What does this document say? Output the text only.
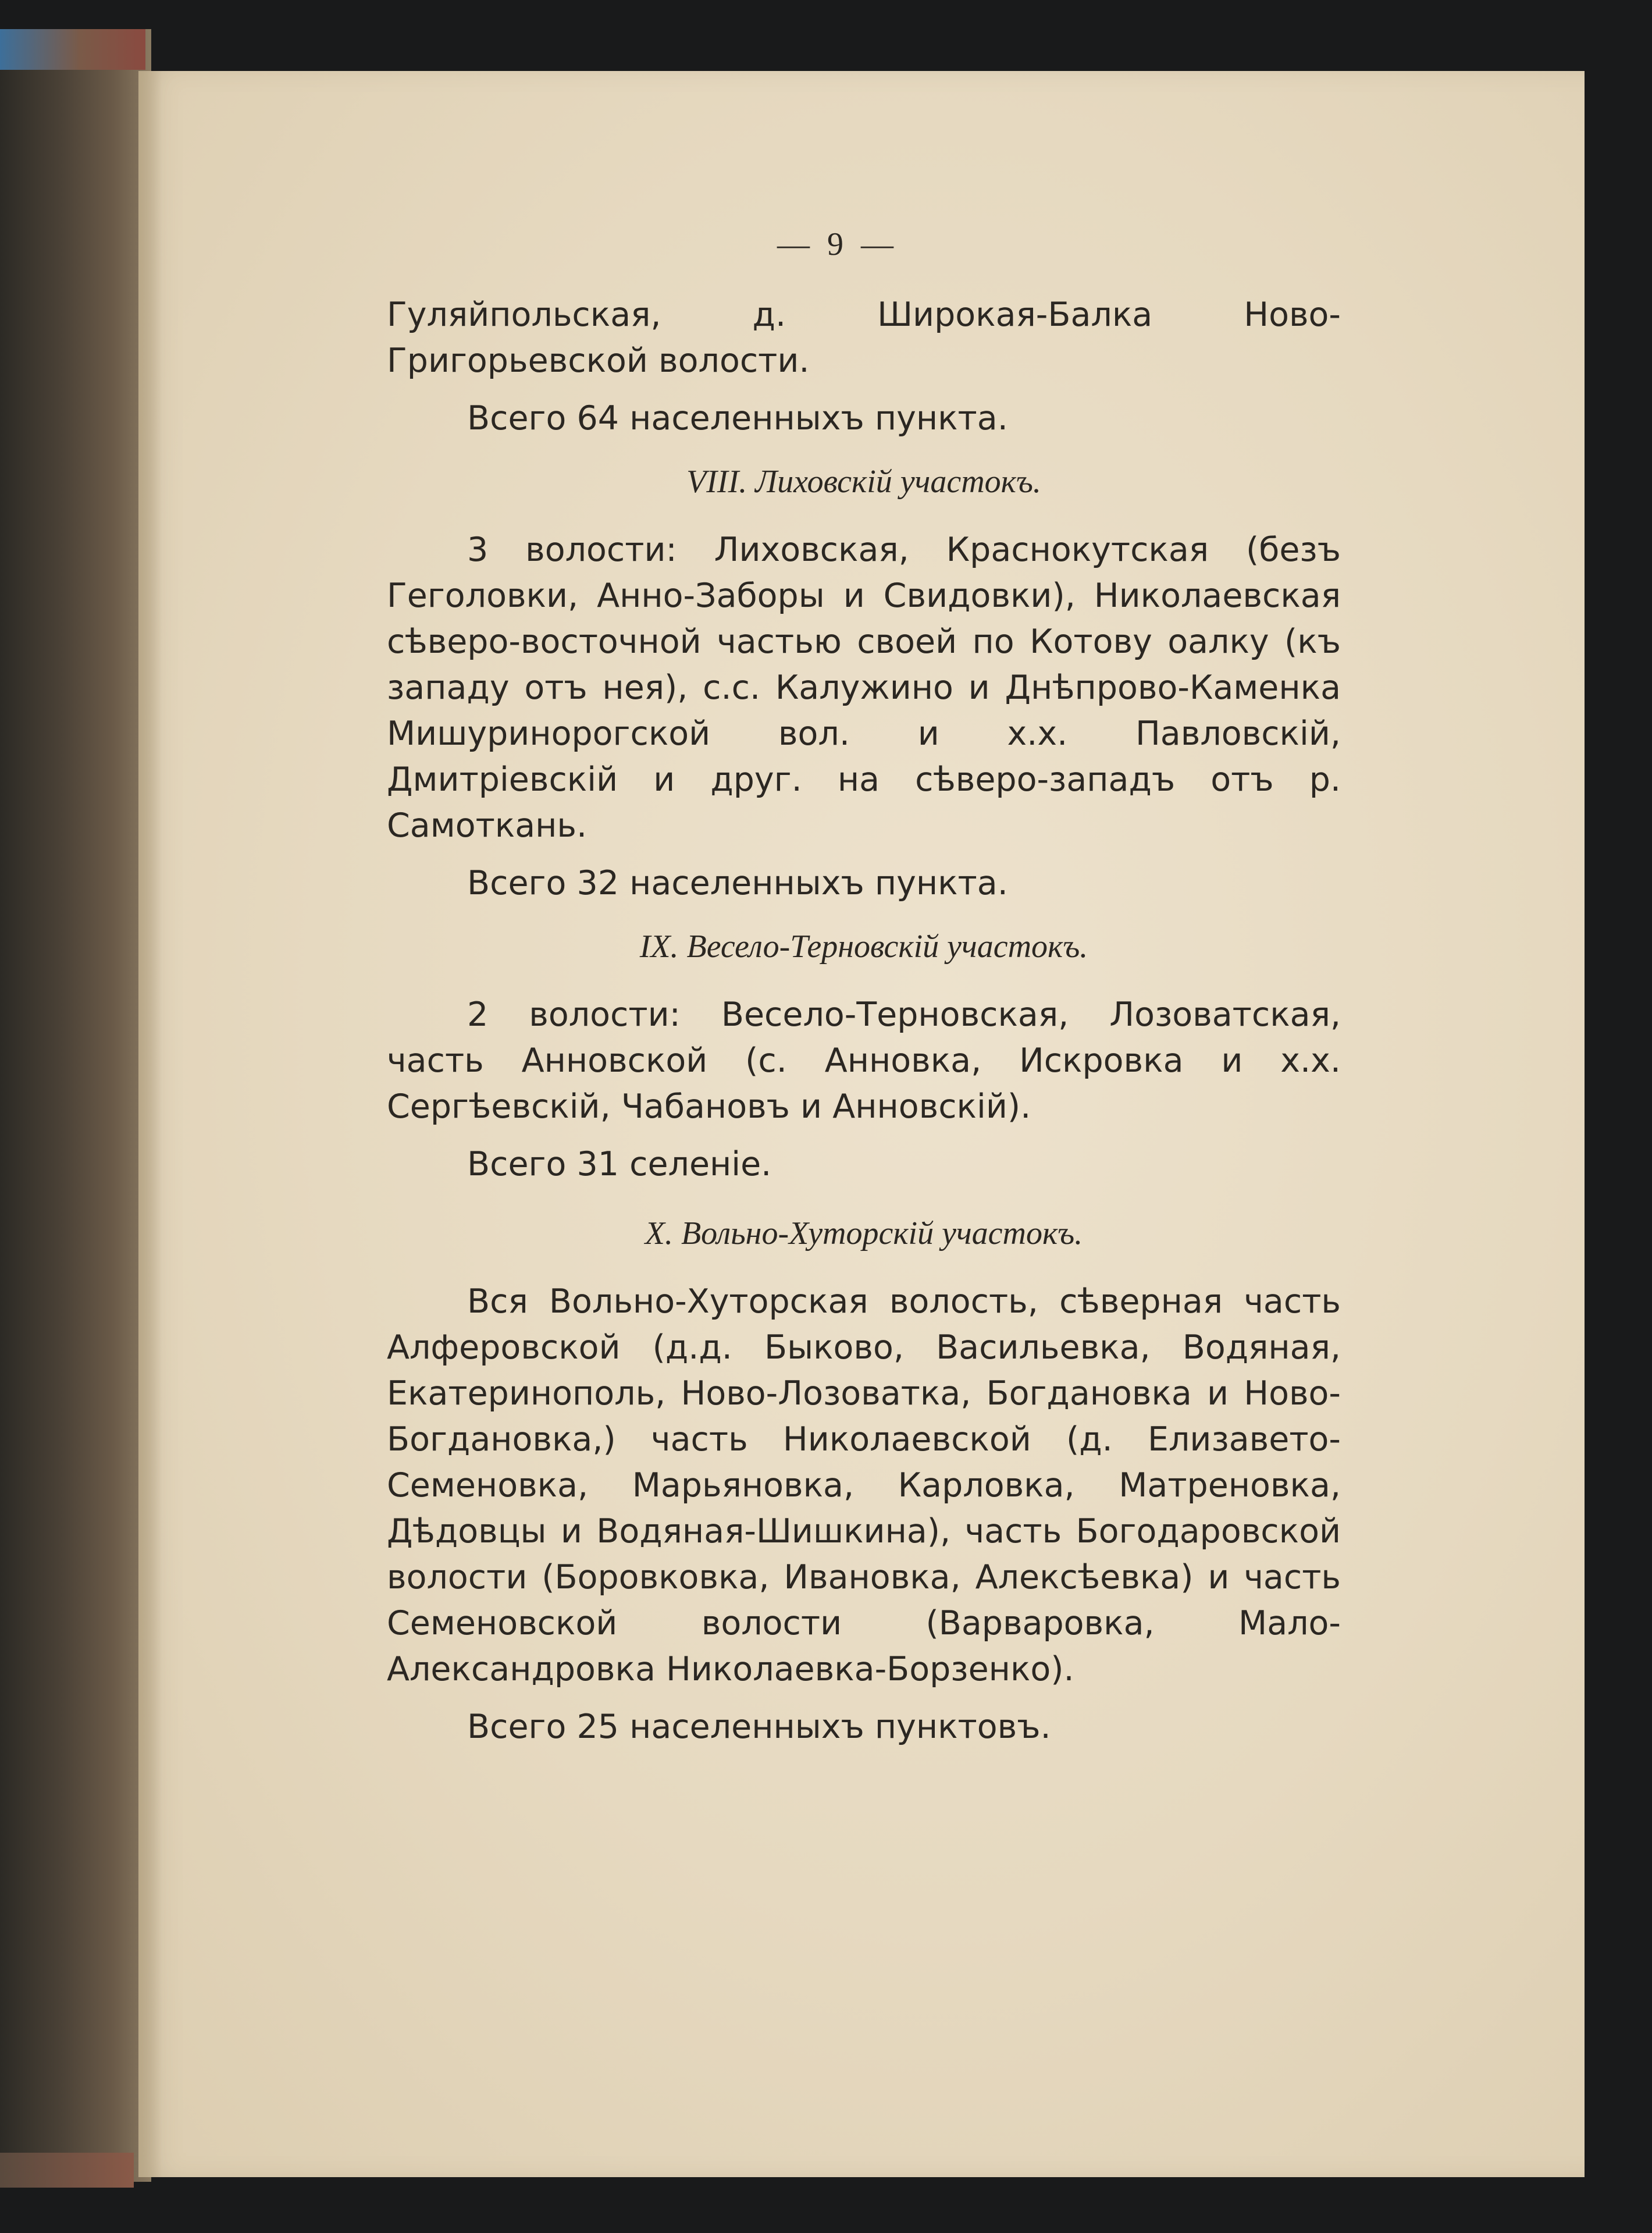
— 9 —

Гуляйпольская, д. Широкая-Балка Ново-Григорьевской волости.

Всего 64 населенныхъ пункта.

VIII. Лиховскій участокъ.

3 волости: Лиховская, Краснокутская (безъ Геголовки, Анно-Заборы и Свидовки), Николаевская сѣверо-восточной частью своей по Котову оалку (къ западу отъ нея), с.с. Калужино и Днѣпрово-Каменка Мишуринорогской вол. и х.х. Павловскій, Дмитріевскій и друг. на сѣверо-западъ отъ р. Самоткань.

Всего 32 населенныхъ пункта.

IX. Весело-Терновскій участокъ.

2 волости: Весело-Терновская, Лозоватская, часть Анновской (с. Анновка, Искровка и х.х. Сергѣевскій, Чабановъ и Анновскій).

Всего 31 селеніе.

X. Вольно-Хуторскій участокъ.

Вся Вольно-Хуторская волость, сѣверная часть Алферовской (д.д. Быково, Васильевка, Водяная, Екатеринополь, Ново-Лозоватка, Богдановка и Ново-Богдановка,) часть Николаевской (д. Елизавето-Семеновка, Марьяновка, Карловка, Матреновка, Дѣдовцы и Водяная-Шишкина), часть Богодаровской волости (Боровковка, Ивановка, Алексѣевка) и часть Семеновской волости (Варваровка, Мало-Александровка Николаевка-Борзенко).

Всего 25 населенныхъ пунктовъ.
